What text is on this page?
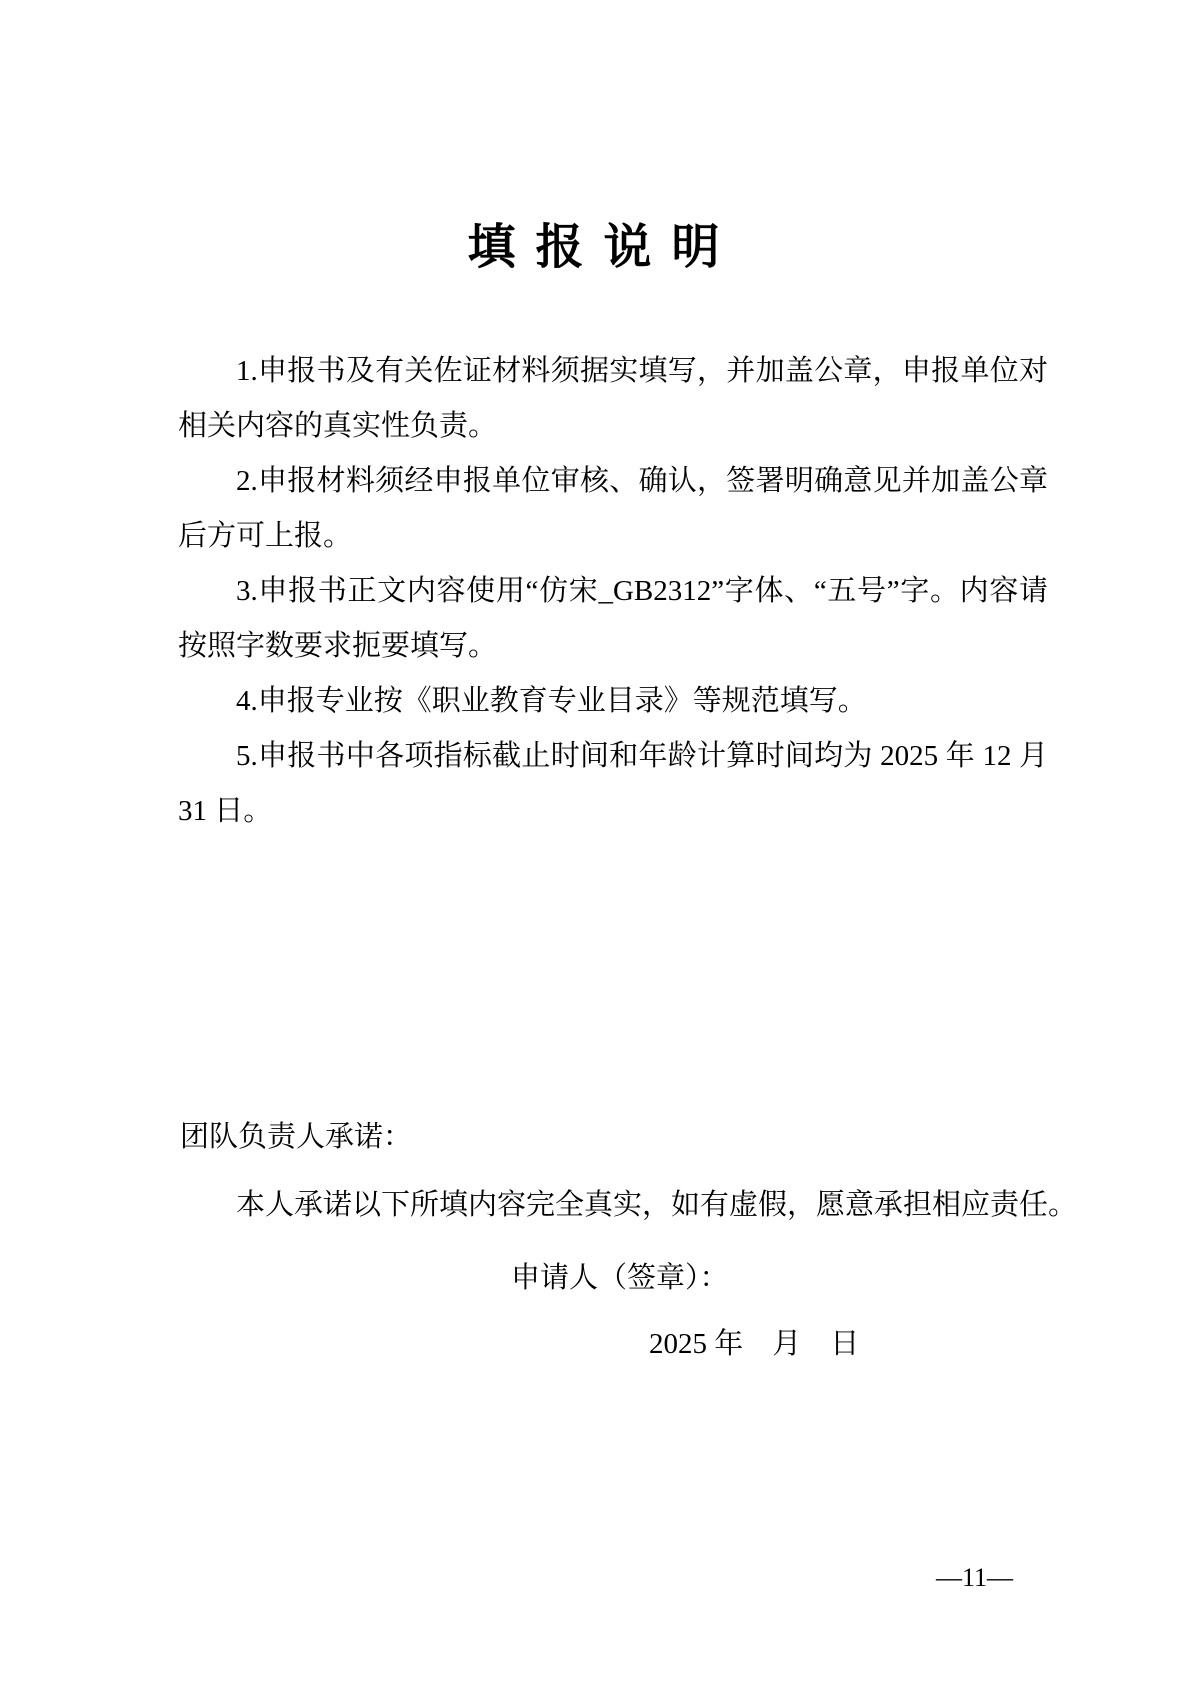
填 报 说 明
1.申报书及有关佐证材料须据实填写，并加盖公章，申报单位对
相关内容的真实性负责。
2.申报材料须经申报单位审核、确认，签署明确意见并加盖公章
后方可上报。
3.申报书正文内容使用“仿宋_GB2312”字体、“五号”字。内容请
按照字数要求扼要填写。
4.申报专业按《职业教育专业目录》等规范填写。
5.申报书中各项指标截止时间和年龄计算时间均为 2025 年 12 月
31 日。
团队负责人承诺：
本人承诺以下所填内容完全真实，如有虚假，愿意承担相应责任。
申请人（签章）：
2025 年　月　日
—11—
